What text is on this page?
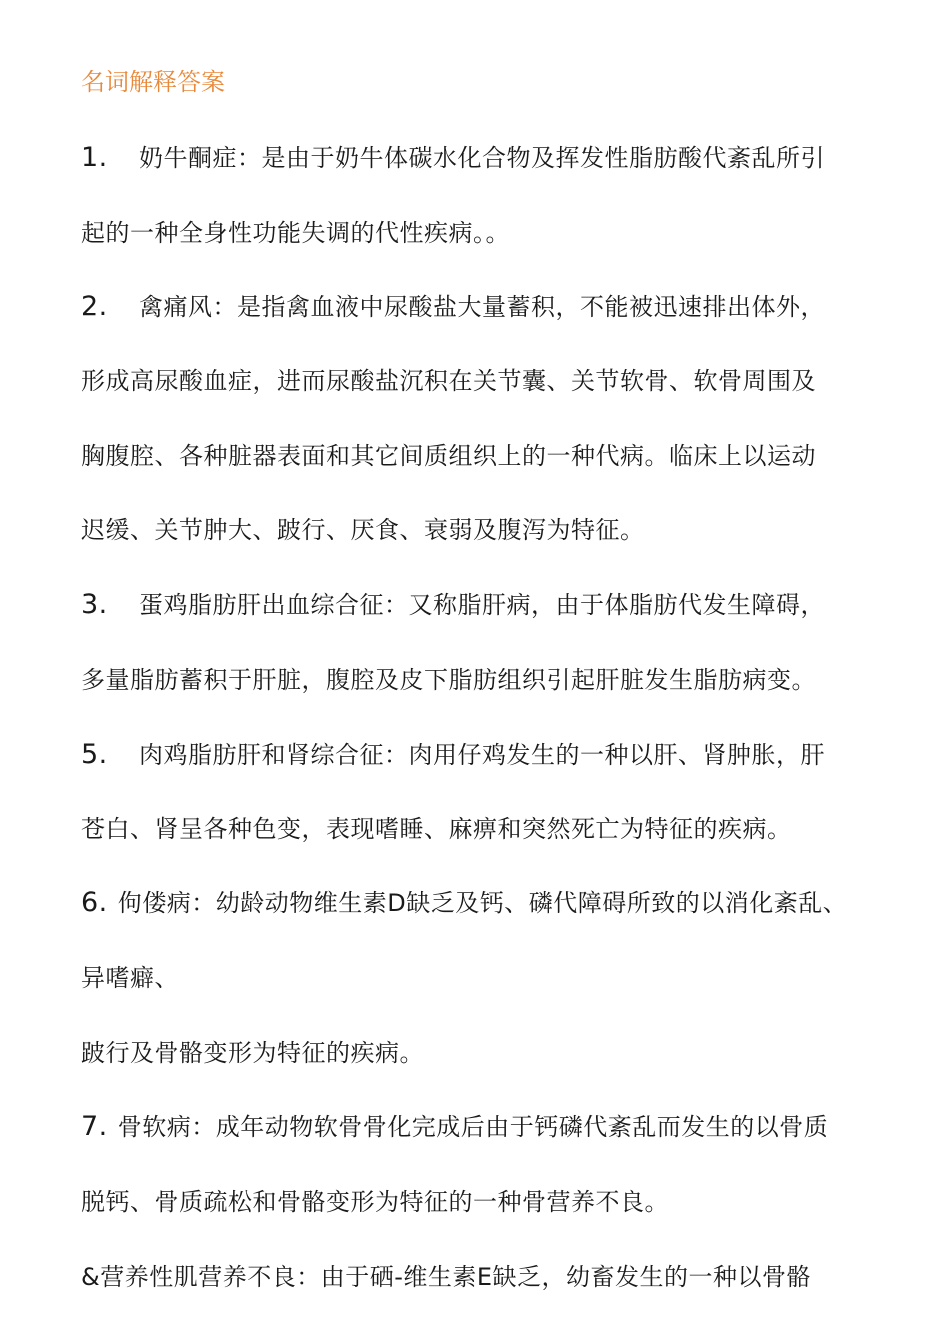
名词解释答案
1. 奶牛酮症：是由于奶牛体碳水化合物及挥发性脂肪酸代紊乱所引
起的一种全身性功能失调的代性疾病。。
2. 禽痛风：是指禽血液中尿酸盐大量蓄积，不能被迅速排出体外，
形成高尿酸血症，进而尿酸盐沉积在关节囊、关节软骨、软骨周围及
胸腹腔、各种脏器表面和其它间质组织上的一种代病。临床上以运动
迟缓、关节肿大、跛行、厌食、衰弱及腹泻为特征。
3. 蛋鸡脂肪肝出血综合征：又称脂肝病，由于体脂肪代发生障碍，
多量脂肪蓄积于肝脏，腹腔及皮下脂肪组织引起肝脏发生脂肪病变。
5. 肉鸡脂肪肝和肾综合征：肉用仔鸡发生的一种以肝、肾肿胀，肝
苍白、肾呈各种色变，表现嗜睡、麻痹和突然死亡为特征的疾病。
6. 佝偻病：幼龄动物维生素D缺乏及钙、磷代障碍所致的以消化紊乱、
异嗜癖、
跛行及骨骼变形为特征的疾病。
7. 骨软病：成年动物软骨骨化完成后由于钙磷代紊乱而发生的以骨质
脱钙、骨质疏松和骨骼变形为特征的一种骨营养不良。
&营养性肌营养不良：由于硒-维生素E缺乏，幼畜发生的一种以骨骼
